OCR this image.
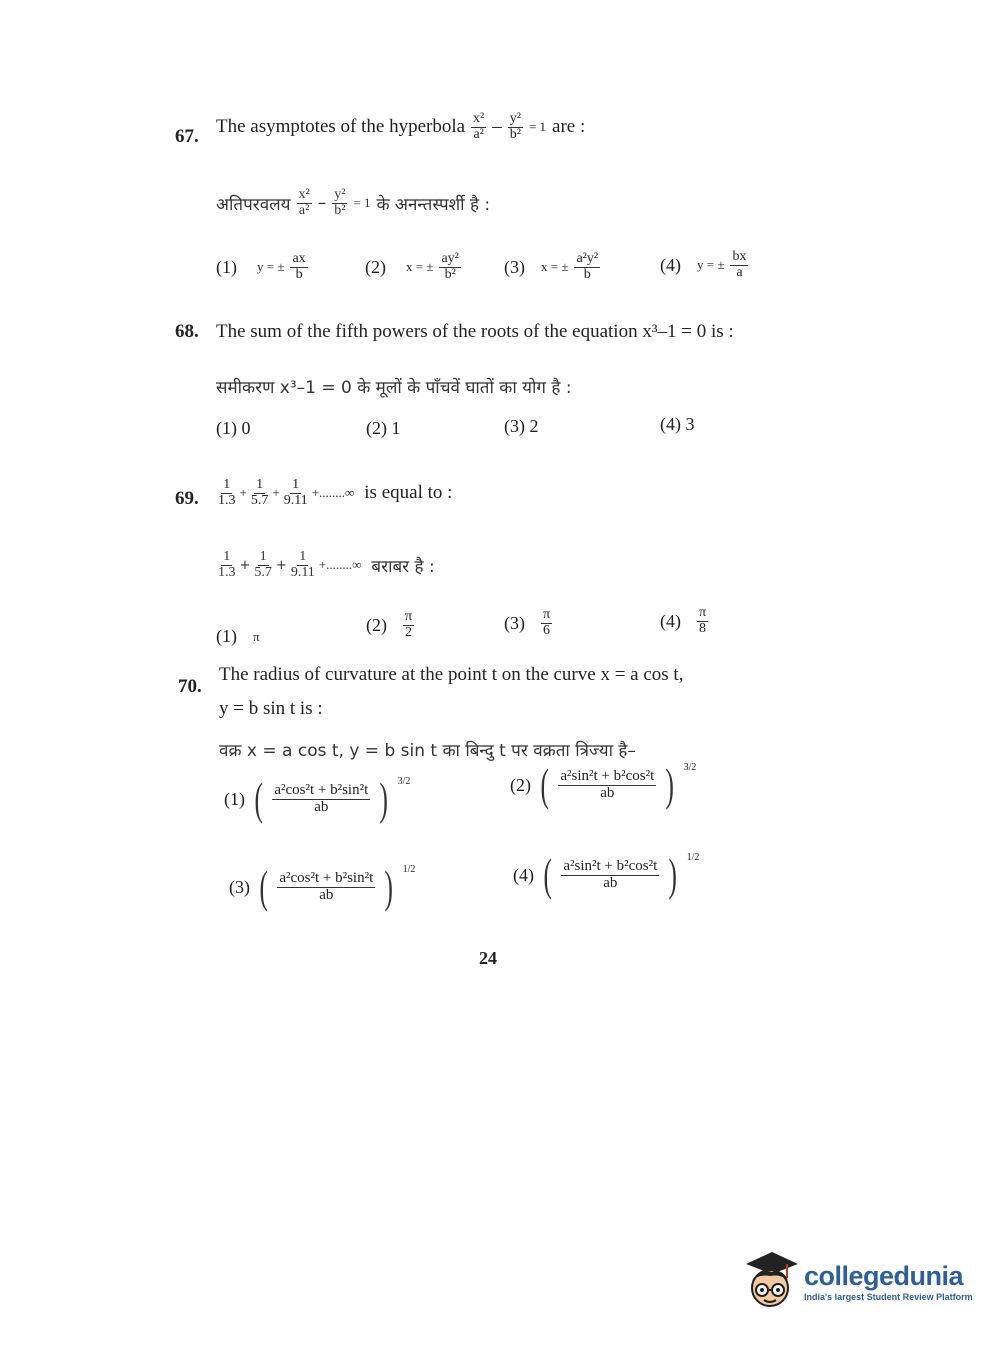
67. The asymptotes of the hyperbola $\frac{\text{x²}}{\text{a²}} - \frac{\text{y²}}{\text{b²}} = 1$ are :
अतिपरवलय $\frac{\text{x²}}{\text{a²}} - \frac{\text{y²}}{\text{b²}} = 1$ के अनन्तस्पर्शी है :
(1) y = ± $\frac{ax}{b}$	(2) x = ± $\frac{\text{ay²}}{\text{b²}} (3) x$ = ± $\frac{\text{a²y²}}{b}$	(4) y = ± $\frac{bx}{a}$
68. The sum of the fifth powers of the roots of the equation x³–1 = 0 is :
समीकरण x³–1 = 0 के मूलों के पाँचवें घातों का योग है :
(1) 0	(2) 1	(3) 2	(4) 3
69. $\frac{1}{1.3} + \frac{1}{5.7} + \frac{1}{9.11}$ +........∞ is equal to :
$\frac{1}{1.3} + \frac{1}{5.7} + \frac{1}{9.11}$ +........∞ बराबर है :
(1) π
$(2) \frac{\pi}{2}$	$(3) \frac{\pi}{6}$	$(4) \frac{\pi}{8}$
70.
The radius of curvature at the point t on the curve x = a cos t,
y = b sin t is :
वक्र x = a cos t, y = b sin t का बिन्दु t पर वक्रता त्रिज्या है–
(1) ( $\frac{\text{a²cos²t + b²sin²t}}{ab}$ ) 3/2	(2) ( $\frac{\text{a²sin²t + b²cos²t}}{ab}$ ) 3/2
(3) ( $\frac{\text{a²cos²t + b²sin²t}}{ab}$ ) 1/2	(4) ( $\frac{\text{a²sin²t + b²cos²t}}{ab}$ ) 1/2
24
collegedunia
India's largest Student Review Platform
